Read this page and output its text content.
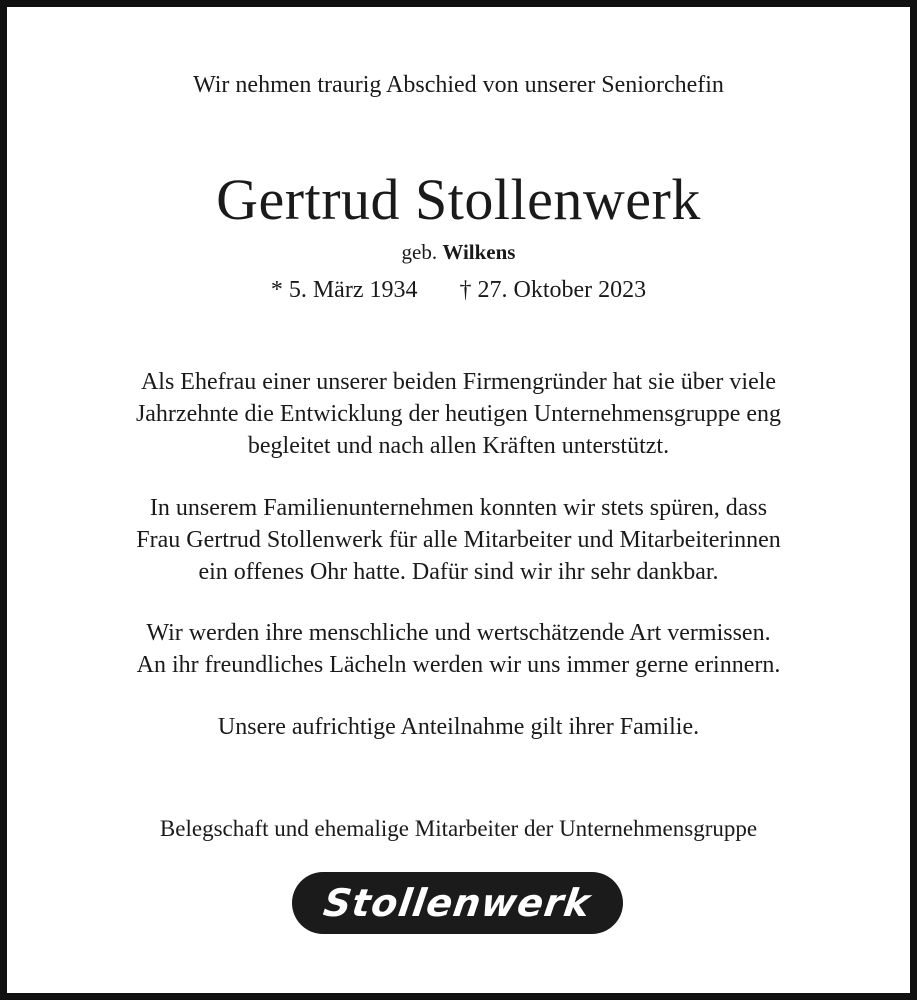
Wir nehmen traurig Abschied von unserer Seniorchefin
Gertrud Stollenwerk
geb. Wilkens
* 5. März 1934 † 27. Oktober 2023
Als Ehefrau einer unserer beiden Firmengründer hat sie über viele
Jahrzehnte die Entwicklung der heutigen Unternehmensgruppe eng
begleitet und nach allen Kräften unterstützt.
In unserem Familienunternehmen konnten wir stets spüren, dass
Frau Gertrud Stollenwerk für alle Mitarbeiter und Mitarbeiterinnen
ein offenes Ohr hatte. Dafür sind wir ihr sehr dankbar.
Wir werden ihre menschliche und wertschätzende Art vermissen.
An ihr freundliches Lächeln werden wir uns immer gerne erinnern.
Unsere aufrichtige Anteilnahme gilt ihrer Familie.
Belegschaft und ehemalige Mitarbeiter der Unternehmensgruppe
Stollenwerk
